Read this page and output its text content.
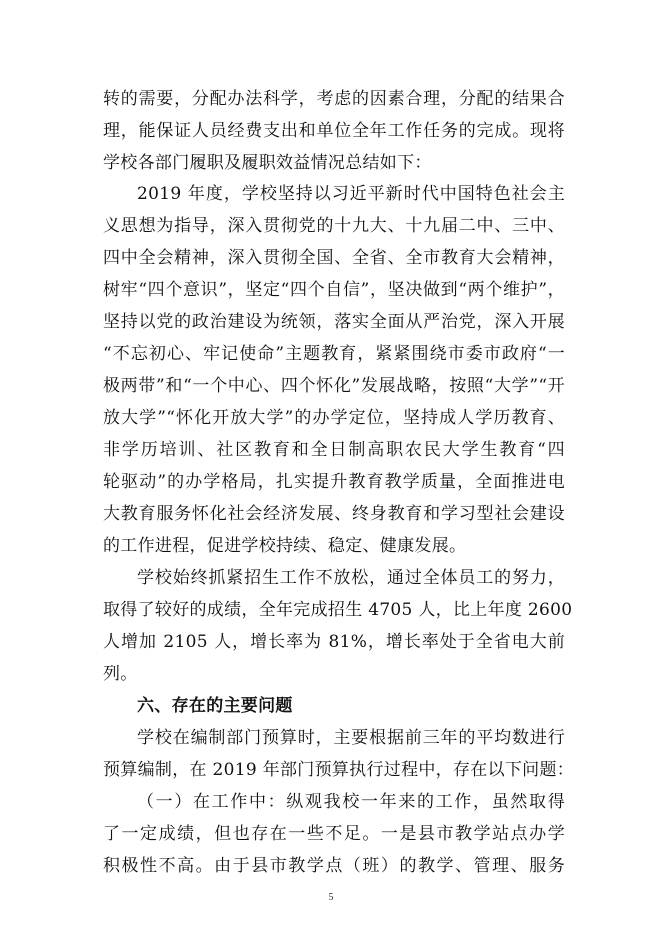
转的需要，分配办法科学，考虑的因素合理，分配的结果合
理，能保证人员经费支出和单位全年工作任务的完成。现将
学校各部门履职及履职效益情况总结如下：
2019 年度，学校坚持以习近平新时代中国特色社会主
义思想为指导，深入贯彻党的十九大、十九届二中、三中、
四中全会精神，深入贯彻全国、全省、全市教育大会精神，
树牢“四个意识”，坚定“四个自信”，坚决做到“两个维护”，
坚持以党的政治建设为统领，落实全面从严治党，深入开展
“不忘初心、牢记使命”主题教育，紧紧围绕市委市政府“一
极两带”和“一个中心、四个怀化”发展战略，按照“大学”“开
放大学”“怀化开放大学”的办学定位，坚持成人学历教育、
非学历培训、社区教育和全日制高职农民大学生教育“四
轮驱动”的办学格局，扎实提升教育教学质量，全面推进电
大教育服务怀化社会经济发展、终身教育和学习型社会建设
的工作进程，促进学校持续、稳定、健康发展。
学校始终抓紧招生工作不放松，通过全体员工的努力，
取得了较好的成绩，全年完成招生 4705 人，比上年度 2600
人增加 2105 人，增长率为 81%，增长率处于全省电大前
列。
六、存在的主要问题
学校在编制部门预算时，主要根据前三年的平均数进行
预算编制，在 2019 年部门预算执行过程中，存在以下问题：
（一）在工作中：纵观我校一年来的工作，虽然取得
了一定成绩，但也存在一些不足。一是县市教学站点办学
积极性不高。由于县市教学点（班）的教学、管理、服务
5
